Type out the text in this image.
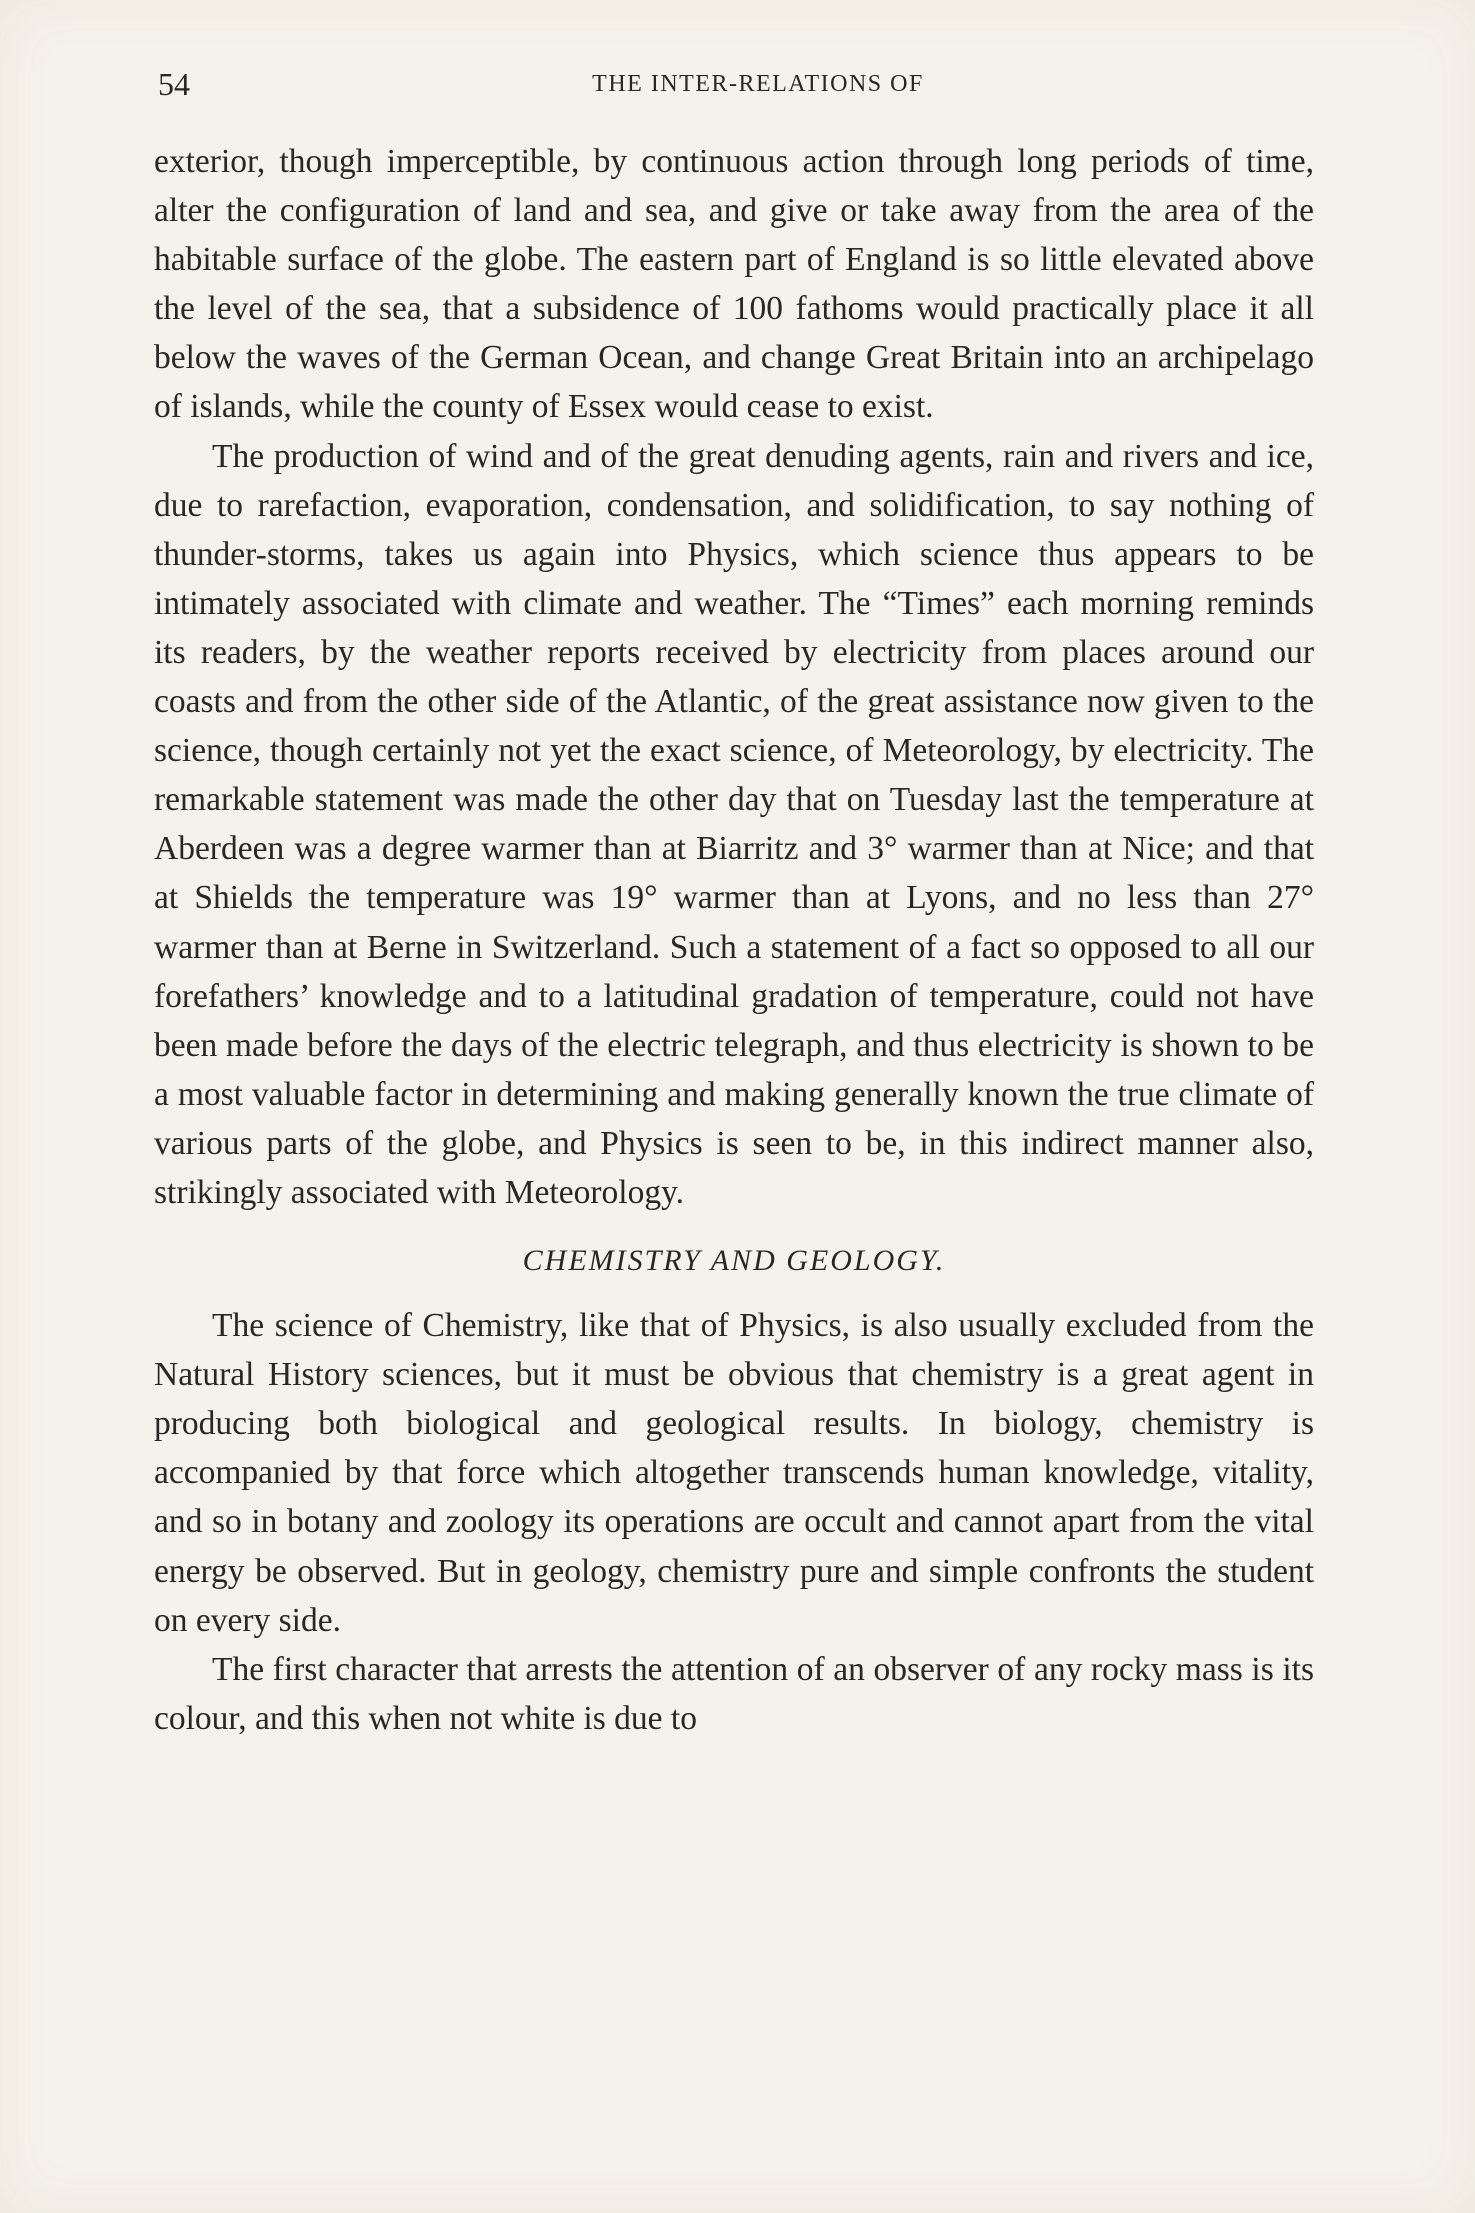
54	THE INTER-RELATIONS OF

exterior, though imperceptible, by continuous action through long periods of time, alter the configuration of land and sea, and give or take away from the area of the habitable surface of the globe. The eastern part of England is so little elevated above the level of the sea, that a subsidence of 100 fathoms would practically place it all below the waves of the German Ocean, and change Great Britain into an archipelago of islands, while the county of Essex would cease to exist.

The production of wind and of the great denuding agents, rain and rivers and ice, due to rarefaction, evaporation, condensation, and solidification, to say nothing of thunder-storms, takes us again into Physics, which science thus appears to be intimately associated with climate and weather. The “Times” each morning reminds its readers, by the weather reports received by electricity from places around our coasts and from the other side of the Atlantic, of the great assistance now given to the science, though certainly not yet the exact science, of Meteorology, by electricity. The remarkable statement was made the other day that on Tuesday last the temperature at Aberdeen was a degree warmer than at Biarritz and 3° warmer than at Nice; and that at Shields the temperature was 19° warmer than at Lyons, and no less than 27° warmer than at Berne in Switzerland. Such a statement of a fact so opposed to all our forefathers’ knowledge and to a latitudinal gradation of temperature, could not have been made before the days of the electric telegraph, and thus electricity is shown to be a most valuable factor in determining and making generally known the true climate of various parts of the globe, and Physics is seen to be, in this indirect manner also, strikingly associated with Meteorology.

CHEMISTRY AND GEOLOGY.

The science of Chemistry, like that of Physics, is also usually excluded from the Natural History sciences, but it must be obvious that chemistry is a great agent in producing both biological and geological results. In biology, chemistry is accompanied by that force which altogether transcends human knowledge, vitality, and so in botany and zoology its operations are occult and cannot apart from the vital energy be observed. But in geology, chemistry pure and simple confronts the student on every side.

The first character that arrests the attention of an observer of any rocky mass is its colour, and this when not white is due to
